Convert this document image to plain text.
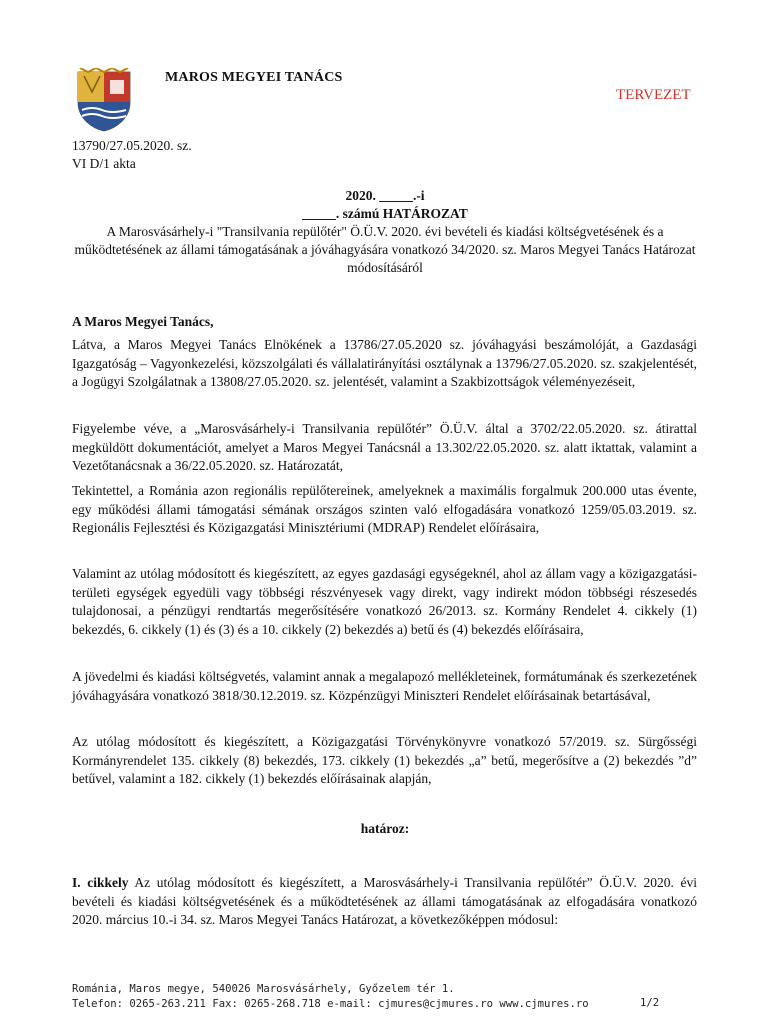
MAROS MEGYEI TANÁCS
TERVEZET
13790/27.05.2020. sz.
VI D/1 akta
2020. _____.-i
_____. számú HATÁROZAT
A Marosvásárhely-i "Transilvania repülőtér" Ö.Ü.V. 2020. évi bevételi és kiadási költségvetésének és a működtetésének az állami támogatásának a jóváhagyására vonatkozó 34/2020. sz. Maros Megyei Tanács Határozat módosításáról
A Maros Megyei Tanács,
Látva, a Maros Megyei Tanács Elnökének a 13786/27.05.2020 sz. jóváhagyási beszámolóját, a Gazdasági Igazgatóság – Vagyonkezelési, közszolgálati és vállalatirányítási osztálynak a 13796/27.05.2020. sz. szakjelentését, a Jogügyi Szolgálatnak a 13808/27.05.2020. sz. jelentését, valamint a Szakbizottságok véleményezéseit,
Figyelembe véve, a „Marosvásárhely-i Transilvania repülőtér” Ö.Ü.V. által a 3702/22.05.2020. sz. átirattal megküldött dokumentációt, amelyet a Maros Megyei Tanácsnál a 13.302/22.05.2020. sz. alatt iktattak, valamint a Vezetőtanácsnak a 36/22.05.2020. sz. Határozatát,
Tekintettel, a Románia azon regionális repülőtereinek, amelyeknek a maximális forgalmuk 200.000 utas évente, egy működési állami támogatási sémának országos szinten való elfogadására vonatkozó 1259/05.03.2019. sz. Regionális Fejlesztési és Közigazgatási Minisztériumi (MDRAP) Rendelet előírásaira,
Valamint az utólag módosított és kiegészített, az egyes gazdasági egységeknél, ahol az állam vagy a közigazgatási-területi egységek egyedüli vagy többségi részvényesek vagy direkt, vagy indirekt módon többségi részesedés tulajdonosai, a pénzügyi rendtartás megerősítésére vonatkozó 26/2013. sz. Kormány Rendelet 4. cikkely (1) bekezdés, 6. cikkely (1) és (3) és a 10. cikkely (2) bekezdés a) betű és (4) bekezdés előírásaira,
A jövedelmi és kiadási költségvetés, valamint annak a megalapozó mellékleteinek, formátumának és szerkezetének jóváhagyására vonatkozó 3818/30.12.2019. sz. Közpénzügyi Miniszteri Rendelet előírásainak betartásával,
Az utólag módosított és kiegészített, a Közigazgatási Törvénykönyvre vonatkozó 57/2019. sz. Sürgősségi Kormányrendelet 135. cikkely (8) bekezdés, 173. cikkely (1) bekezdés „a” betű, megerősítve a (2) bekezdés ”d” betűvel, valamint a 182. cikkely (1) bekezdés előírásainak alapján,
határoz:
I. cikkely Az utólag módosított és kiegészített, a Marosvásárhely-i Transilvania repülőtér” Ö.Ü.V. 2020. évi bevételi és kiadási költségvetésének és a működtetésének az állami támogatásának az elfogadására vonatkozó 2020. március 10.-i 34. sz. Maros Megyei Tanács Határozat, a következőképpen módosul:
Románia, Maros megye, 540026 Marosvásárhely, Győzelem tér 1.
Telefon: 0265-263.211 Fax: 0265-268.718 e-mail: cjmures@cjmures.ro www.cjmures.ro	1/2
